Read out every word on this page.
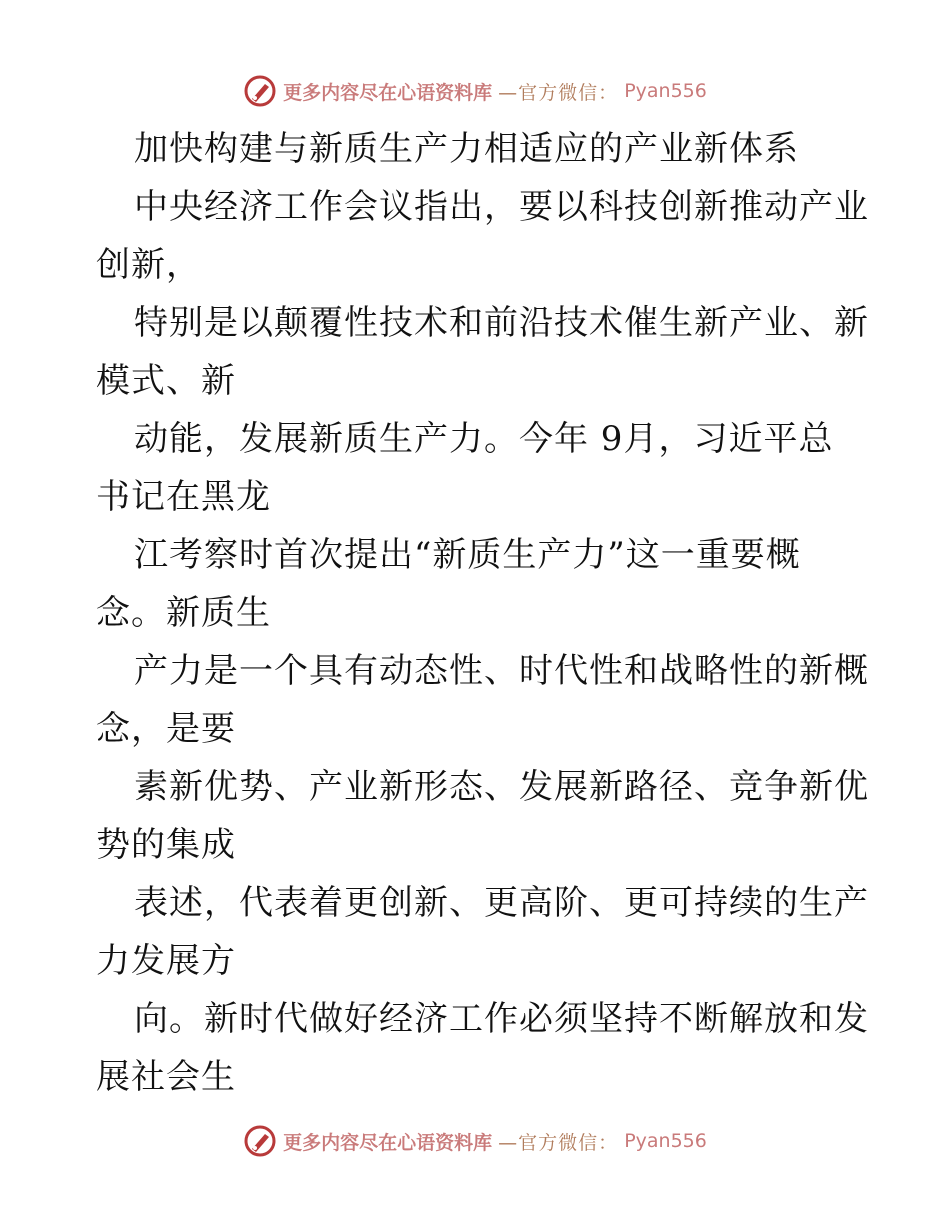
更多内容尽在心语资料库 —官方微信： Pyan556
加快构建与新质生产力相适应的产业新体系
中央经济工作会议指出，要以科技创新推动产业
创新，
特别是以颠覆性技术和前沿技术催生新产业、新
模式、新
动能，发展新质生产力。今年 9月，习近平总
书记在黑龙
江考察时首次提出“新质生产力”这一重要概
念。新质生
产力是一个具有动态性、时代性和战略性的新概
念，是要
素新优势、产业新形态、发展新路径、竞争新优
势的集成
表述，代表着更创新、更高阶、更可持续的生产
力发展方
向。新时代做好经济工作必须坚持不断解放和发
展社会生
更多内容尽在心语资料库 —官方微信： Pyan556
